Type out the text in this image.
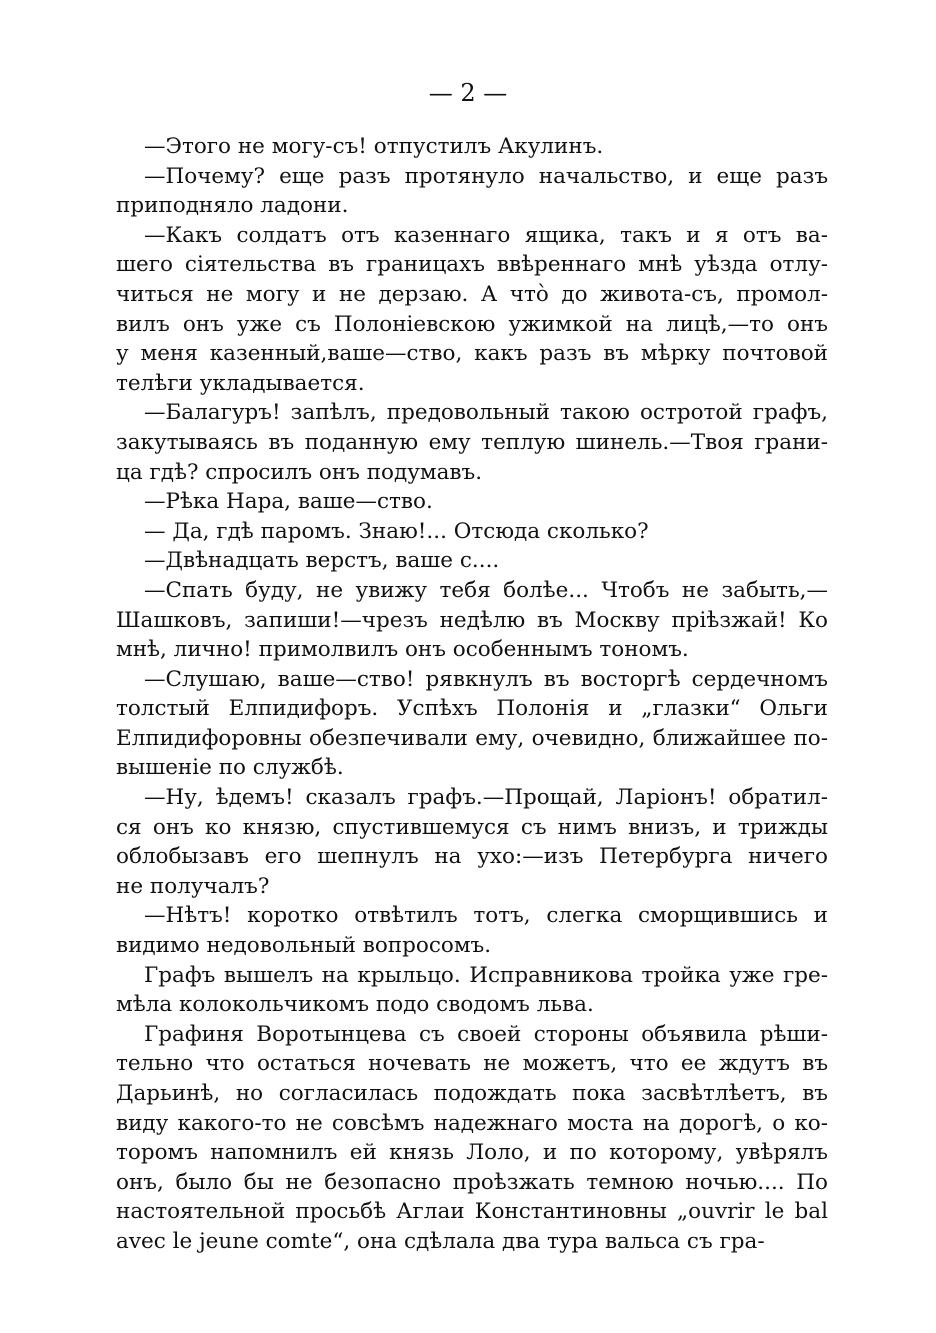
— 2 —
—Этого не могу-съ! отпустилъ Акулинъ.
—Почему? еще разъ протянуло начальство, и еще разъ
приподняло ладони.
—Какъ солдатъ отъ казеннаго ящика, такъ и я отъ ва-
шего сіятельства въ границахъ ввѣреннаго мнѣ уѣзда отлу-
читься не могу и не дерзаю. А что̀ до живота-съ, промол-
вилъ онъ уже съ Полоніевскою ужимкой на лицѣ,—то онъ
у меня казенный,ваше—ство, какъ разъ въ мѣрку почтовой
телѣги укладывается.
—Балагуръ! запѣлъ, предовольный такою остротой графъ,
закутываясь въ поданную ему теплую шинель.—Твоя грани-
ца гдѣ? спросилъ онъ подумавъ.
—Рѣка Нара, ваше—ство.
— Да, гдѣ паромъ. Знаю!... Отсюда сколько?
—Двѣнадцать верстъ, ваше с....
—Спать буду, не увижу тебя болѣе... Чтобъ не забыть,—
Шашковъ, запиши!—чрезъ недѣлю въ Москву пріѣзжай! Ко
мнѣ, лично! примолвилъ онъ особеннымъ тономъ.
—Слушаю, ваше—ство! рявкнулъ въ восторгѣ сердечномъ
толстый Елпидифоръ. Успѣхъ Полонія и „глазки“ Ольги
Елпидифоровны обезпечивали ему, очевидно, ближайшее по-
вышеніе по службѣ.
—Ну, ѣдемъ! сказалъ графъ.—Прощай, Ларіонъ! обратил-
ся онъ ко князю, спустившемуся съ нимъ внизъ, и трижды
облобызавъ его шепнулъ на ухо:—изъ Петербурга ничего
не получалъ?
—Нѣтъ! коротко отвѣтилъ тотъ, слегка сморщившись и
видимо недовольный вопросомъ.
Графъ вышелъ на крыльцо. Исправникова тройка уже гре-
мѣла колокольчикомъ подо сводомъ льва.
Графиня Воротынцева съ своей стороны объявила рѣши-
тельно что остаться ночевать не можетъ, что ее ждутъ въ
Дарьинѣ, но согласилась подождать пока засвѣтлѣетъ, въ
виду какого-то не совсѣмъ надежнаго моста на дорогѣ, о ко-
торомъ напомнилъ ей князь Лоло, и по которому, увѣрялъ
онъ, было бы не безопасно проѣзжать темною ночью.... По
настоятельной просьбѣ Аглаи Константиновны „ouvrir le bal
avec le jeune comte“, она сдѣлала два тура вальса съ гра-
